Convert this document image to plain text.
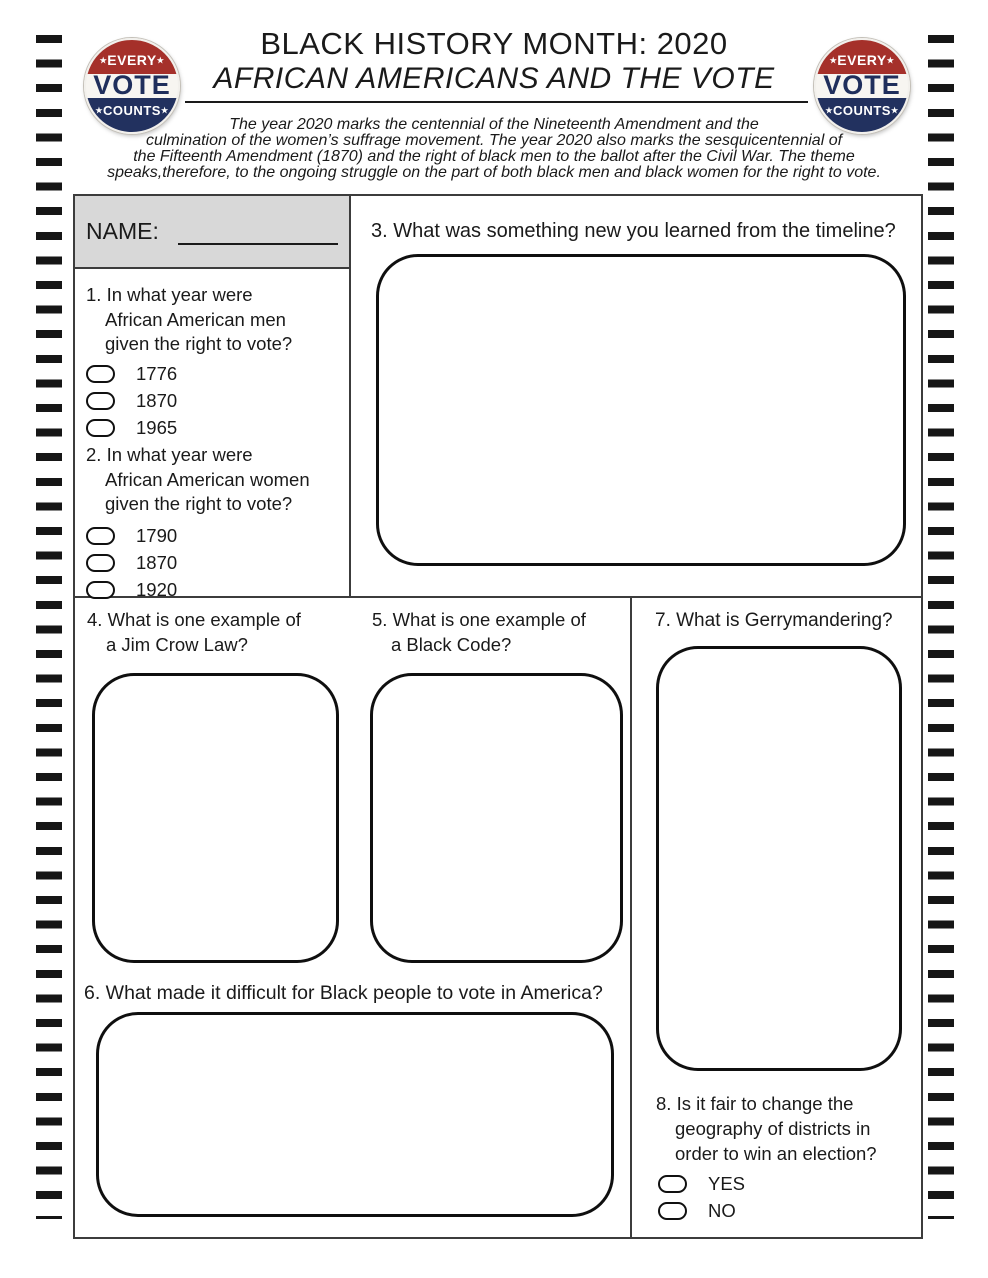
★EVERY★
VOTE
★COUNTS★
★EVERY★
VOTE
★COUNTS★
BLACK HISTORY MONTH: 2020
AFRICAN AMERICANS AND THE VOTE
The year 2020 marks the centennial of the Nineteenth Amendment and the
culmination of the women’s suffrage movement. The year 2020 also marks the sesquicentennial of
the Fifteenth Amendment (1870) and the right of black men to the ballot after the Civil War. The theme
speaks,therefore, to the ongoing struggle on the part of both black men and black women for the right to vote.
NAME:
1. In what year were
African American men
given the right to vote?
1776
1870
1965
2. In what year were
African American women
given the right to vote?
1790
1870
1920
3. What was something new you learned from the timeline?
4. What is one example of
a Jim Crow Law?
5. What is one example of
a Black Code?
6. What made it difficult for Black people to vote in America?
7. What is Gerrymandering?
8. Is it fair to change the
geography of districts in
order to win an election?
YES
NO
